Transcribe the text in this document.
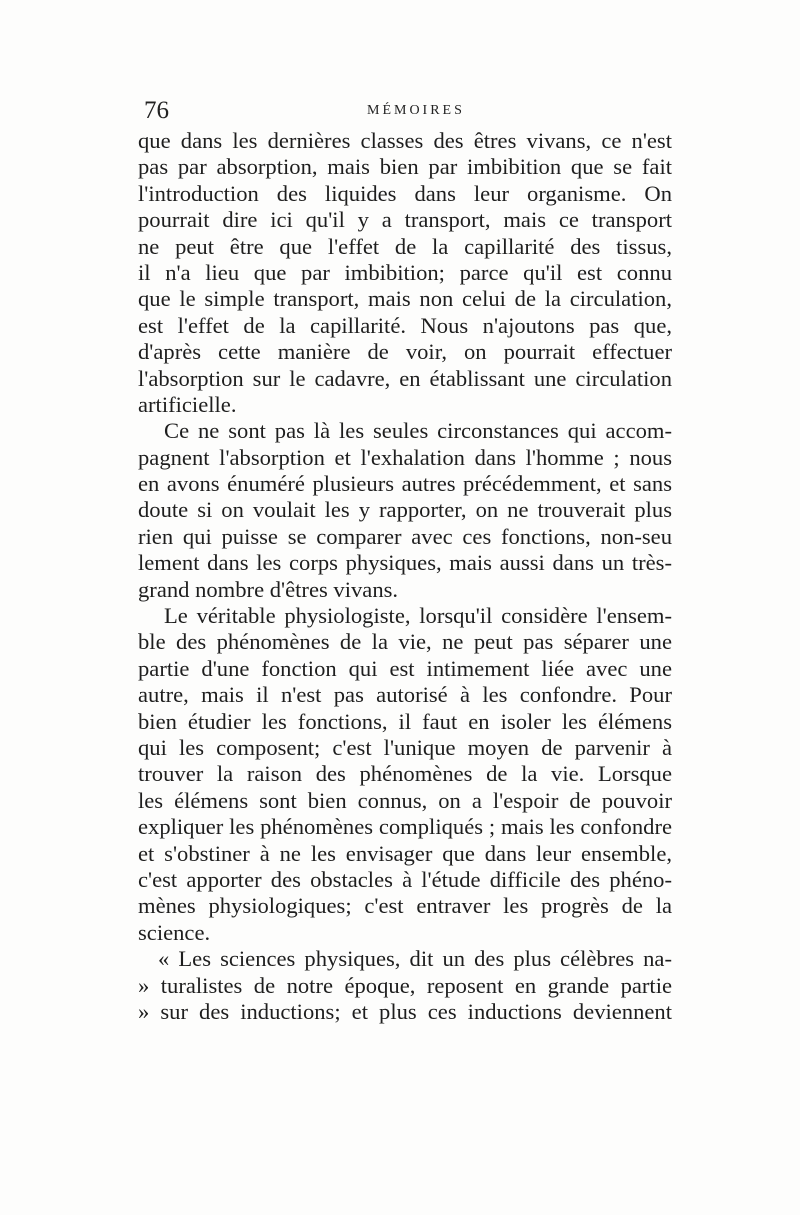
76	MÉMOIRES
que dans les dernières classes des êtres vivans, ce n'est
pas par absorption, mais bien par imbibition que se fait
l'introduction des liquides dans leur organisme. On
pourrait dire ici qu'il y a transport, mais ce transport
ne peut être que l'effet de la capillarité des tissus,
il n'a lieu que par imbibition; parce qu'il est connu
que le simple transport, mais non celui de la circulation,
est l'effet de la capillarité. Nous n'ajoutons pas que,
d'après cette manière de voir, on pourrait effectuer
l'absorption sur le cadavre, en établissant une circulation
artificielle.
Ce ne sont pas là les seules circonstances qui accom-
pagnent l'absorption et l'exhalation dans l'homme ; nous
en avons énuméré plusieurs autres précédemment, et sans
doute si on voulait les y rapporter, on ne trouverait plus
rien qui puisse se comparer avec ces fonctions, non-seu
lement dans les corps physiques, mais aussi dans un très-
grand nombre d'êtres vivans.
Le véritable physiologiste, lorsqu'il considère l'ensem-
ble des phénomènes de la vie, ne peut pas séparer une
partie d'une fonction qui est intimement liée avec une
autre, mais il n'est pas autorisé à les confondre. Pour
bien étudier les fonctions, il faut en isoler les élémens
qui les composent; c'est l'unique moyen de parvenir à
trouver la raison des phénomènes de la vie. Lorsque
les élémens sont bien connus, on a l'espoir de pouvoir
expliquer les phénomènes compliqués ; mais les confondre
et s'obstiner à ne les envisager que dans leur ensemble,
c'est apporter des obstacles à l'étude difficile des phéno-
mènes physiologiques; c'est entraver les progrès de la
science.
« Les sciences physiques, dit un des plus célèbres na-
» turalistes de notre époque, reposent en grande partie
» sur des inductions; et plus ces inductions deviennent
